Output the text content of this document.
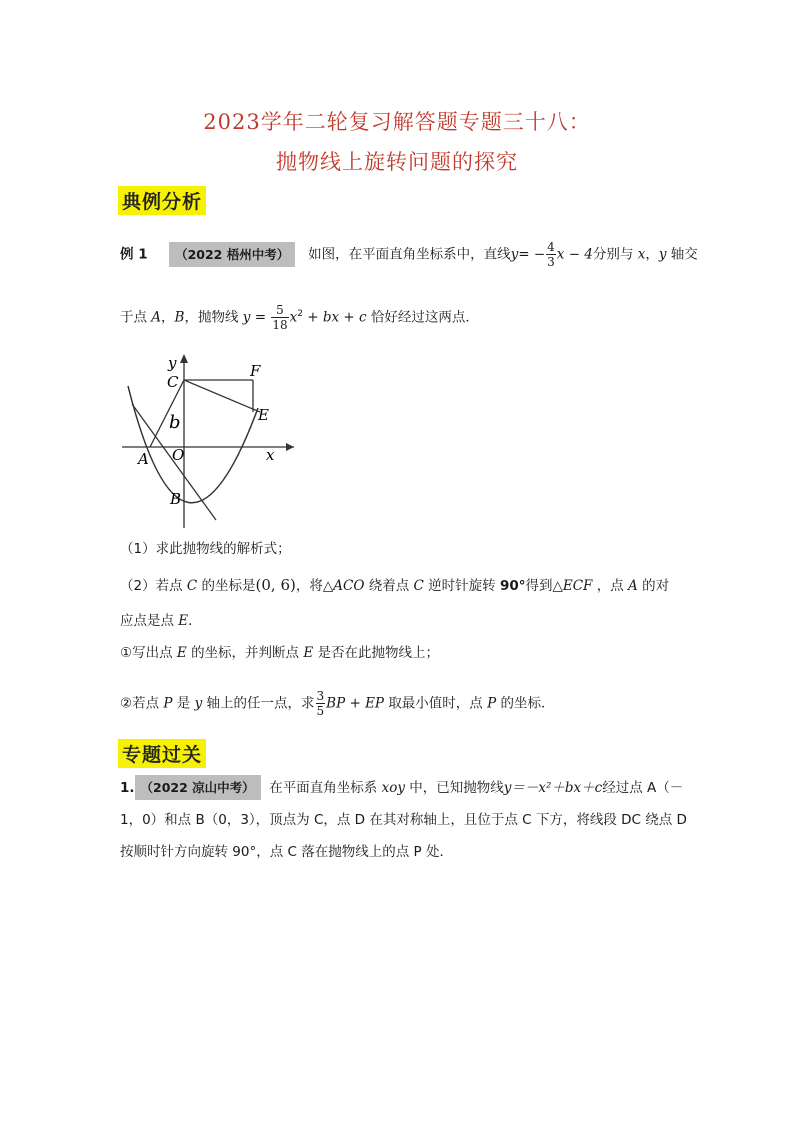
2023学年二轮复习解答题专题三十八：
抛物线上旋转问题的探究
典例分析
例 1 （2022 梧州中考） 如图，在平面直角坐标系中，直线$y= - \frac{4}{3}$ x − 4分别与 x，y 轴交
于点 A，B，抛物线 $y = \frac{5}{18} x^2$ + bx + c 恰好经过这两点．
y
C
F
E
A O	x
B
b
（1）求此抛物线的解析式；
（2）若点 C 的坐标是(0, 6)，将△ACO 绕着点 C 逆时针旋转 90°得到△ECF ，点 A 的对
应点是点 E．
①写出点 E 的坐标，并判断点 E 是否在此抛物线上；
②若点 P 是 y 轴上的任一点，求 $\frac{3}{5}$ BP + EP 取最小值时，点 P 的坐标．
专题过关
1. （2022 凉山中考） 在平面直角坐标系 xoy 中，已知抛物线y＝－x²＋bx＋c经过点 A（－
1，0）和点 B（0，3），顶点为 C，点 D 在其对称轴上，且位于点 C 下方，将线段 DC 绕点 D
按顺时针方向旋转 90°，点 C 落在抛物线上的点 P 处．
